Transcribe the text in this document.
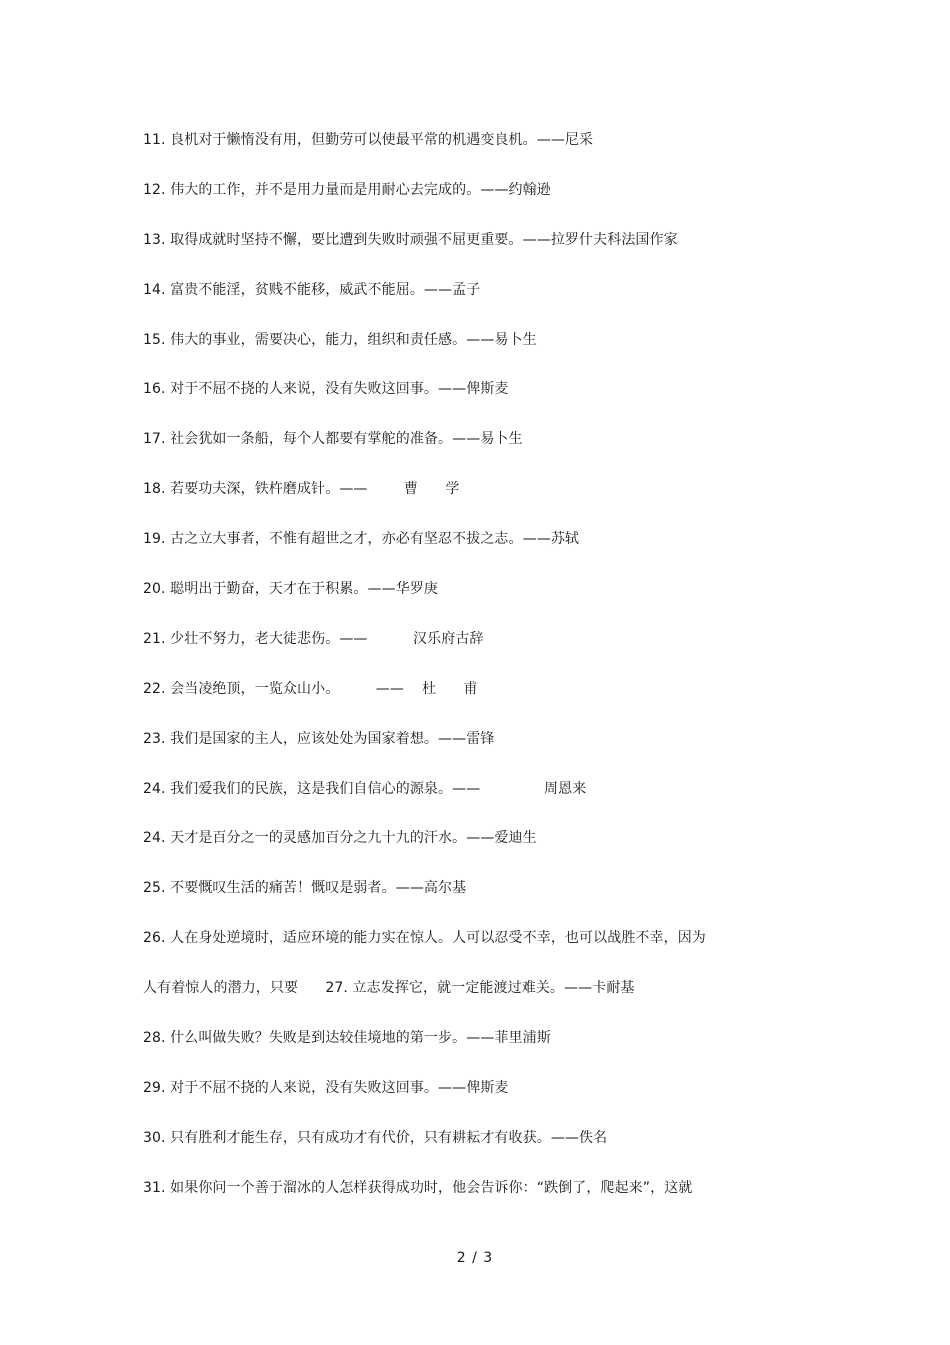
11. 良机对于懒惰没有用，但勤劳可以使最平常的机遇变良机。——尼采
12. 伟大的工作，并不是用力量而是用耐心去完成的。——约翰逊
13. 取得成就时坚持不懈，要比遭到失败时顽强不屈更重要。——拉罗什夫科法国作家
14. 富贵不能淫，贫贱不能移，威武不能屈。——孟子
15. 伟大的事业，需要决心，能力，组织和责任感。——易卜生
16. 对于不屈不挠的人来说，没有失败这回事。——俾斯麦
17. 社会犹如一条船，每个人都要有掌舵的准备。——易卜生
18. 若要功夫深，铁杵磨成针。——        曹      学
19. 古之立大事者，不惟有超世之才，亦必有坚忍不拔之志。——苏轼
20. 聪明出于勤奋，天才在于积累。——华罗庚
21. 少壮不努力，老大徒悲伤。——          汉乐府古辞
22. 会当凌绝顶，一览众山小。        ——    杜      甫
23. 我们是国家的主人，应该处处为国家着想。——雷锋
24. 我们爱我们的民族，这是我们自信心的源泉。——              周恩来
24. 天才是百分之一的灵感加百分之九十九的汗水。——爱迪生
25. 不要慨叹生活的痛苦！慨叹是弱者。——高尔基
26. 人在身处逆境时，适应环境的能力实在惊人。人可以忍受不幸，也可以战胜不幸，因为
人有着惊人的潜力，只要      27. 立志发挥它，就一定能渡过难关。——卡耐基
28. 什么叫做失败？失败是到达较佳境地的第一步。——菲里浦斯
29. 对于不屈不挠的人来说，没有失败这回事。——俾斯麦
30. 只有胜利才能生存，只有成功才有代价，只有耕耘才有收获。——佚名
31. 如果你问一个善于溜冰的人怎样获得成功时，他会告诉你：“跌倒了，爬起来”，这就
2 / 3
